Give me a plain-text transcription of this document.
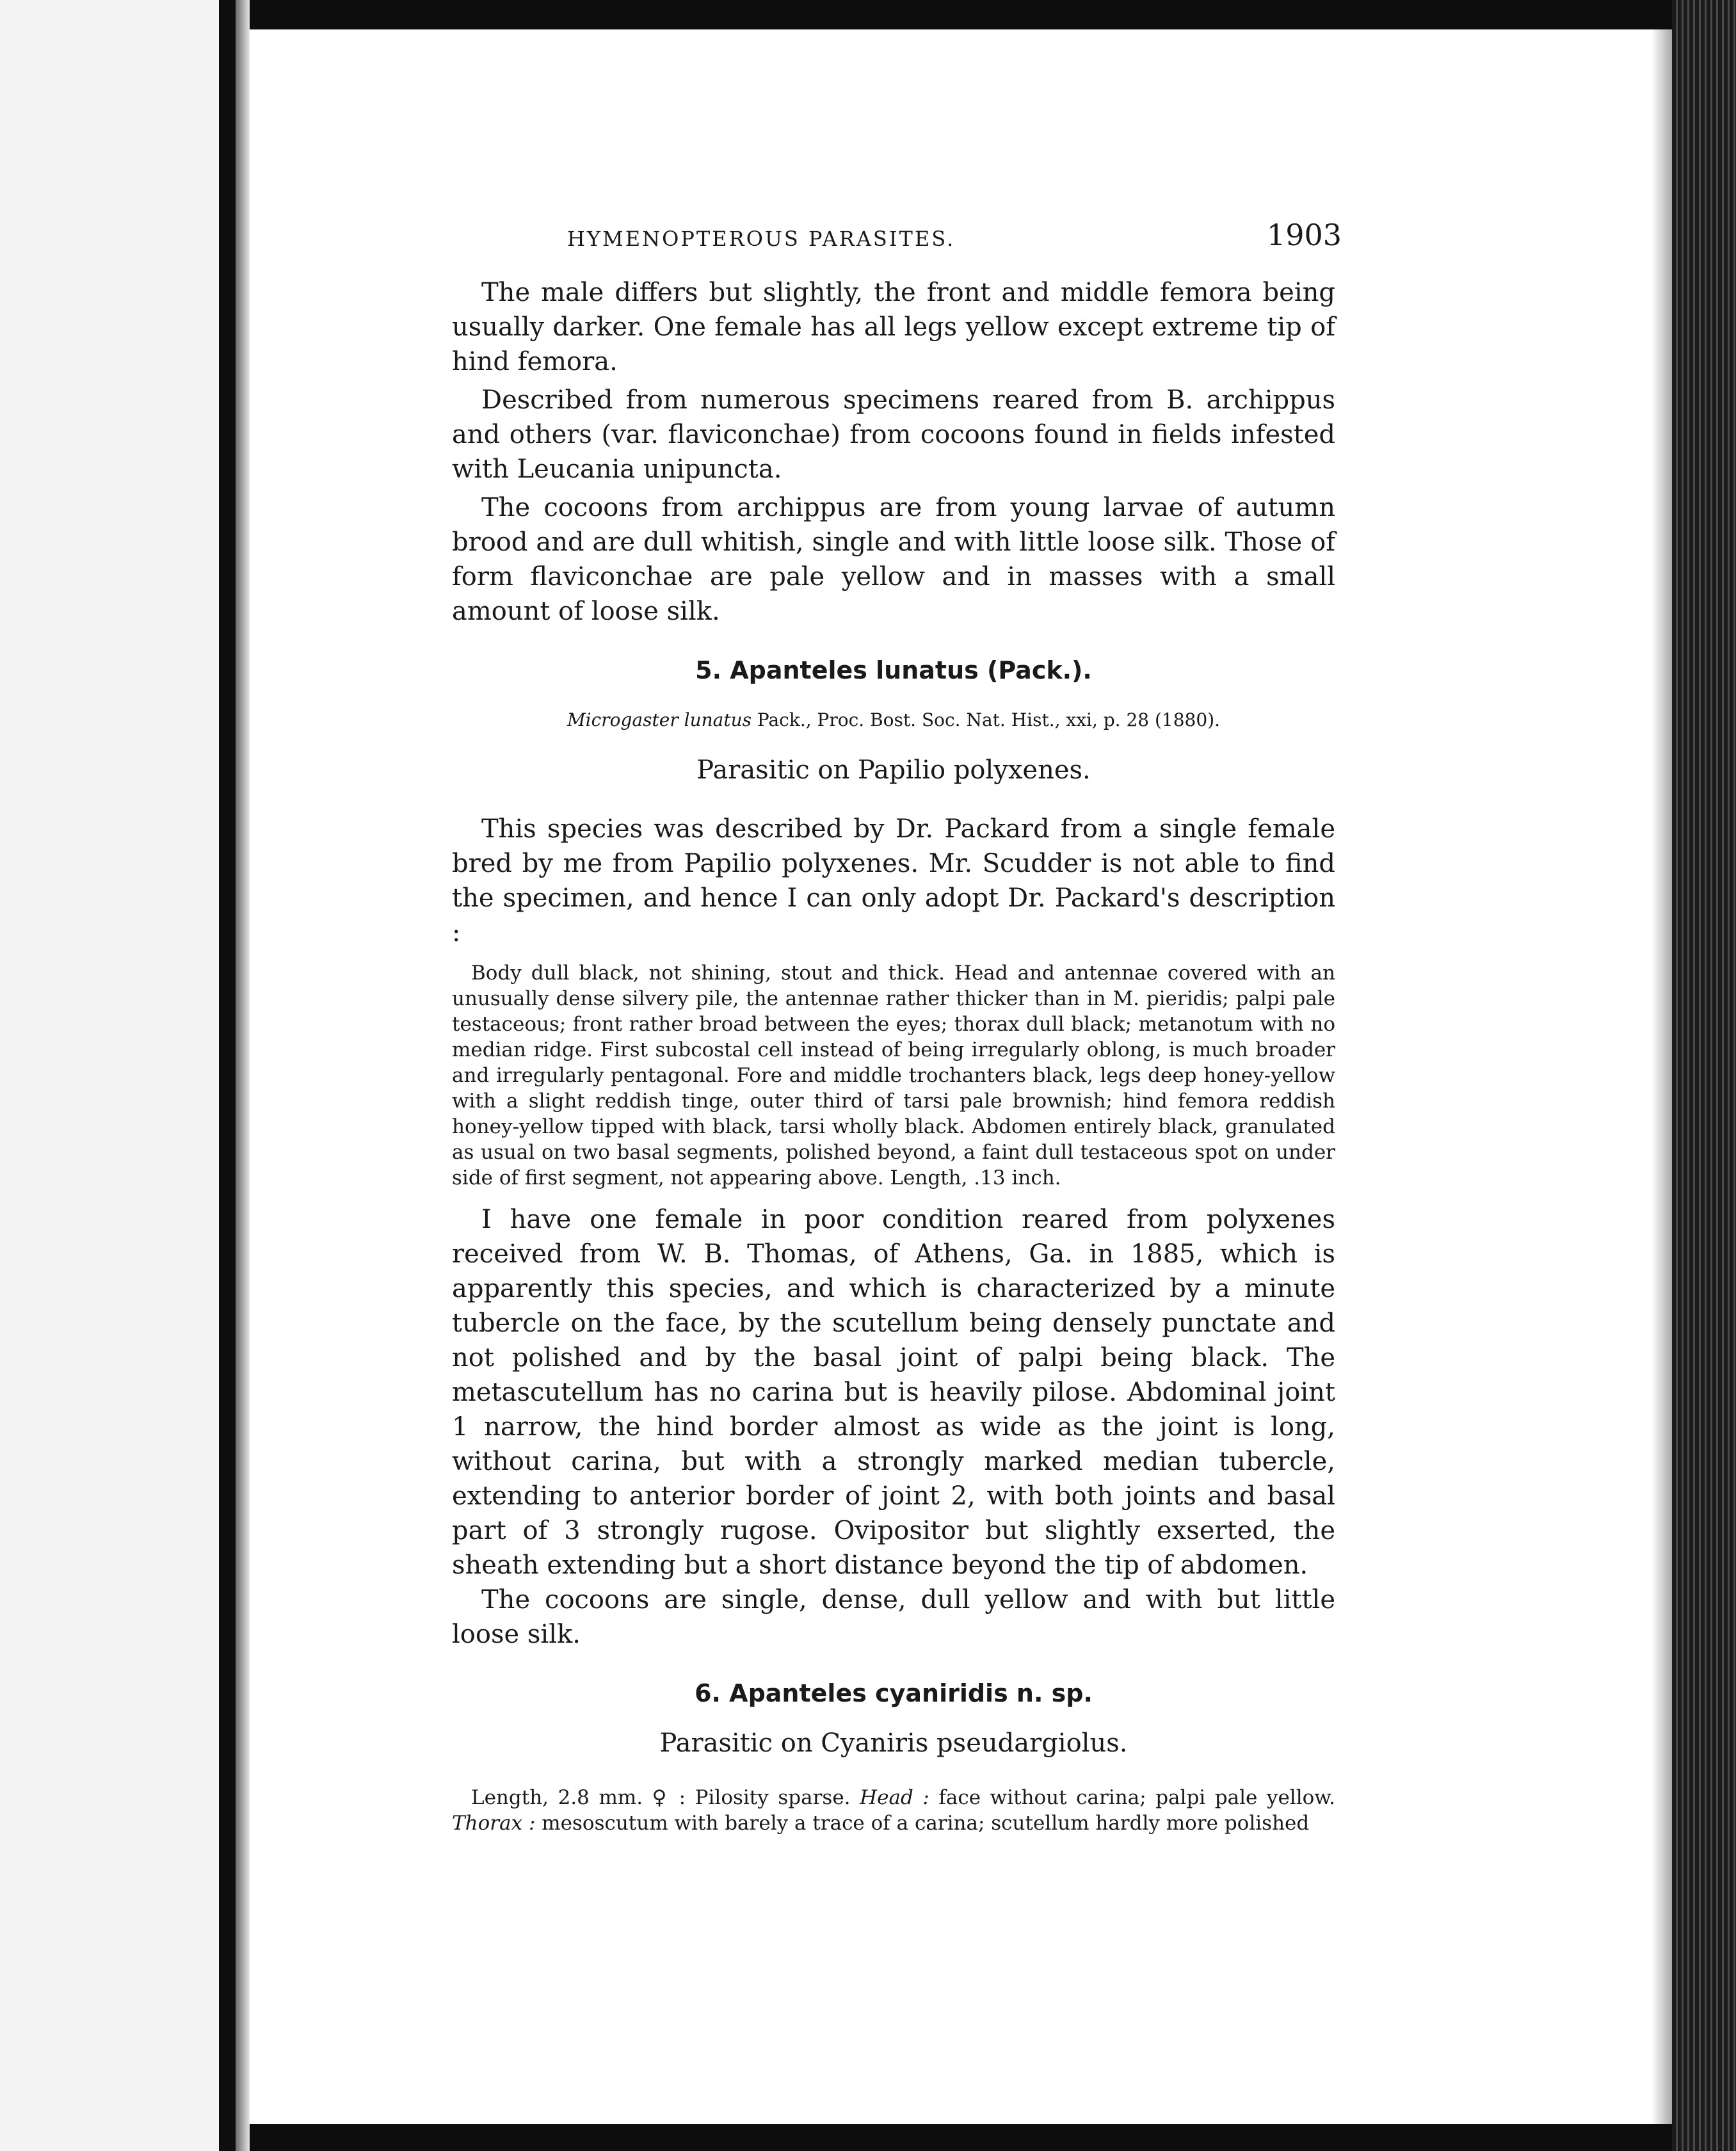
HYMENOPTEROUS PARASITES.	1903

The male differs but slightly, the front and middle femora being usually darker. One female has all legs yellow except extreme tip of hind femora.

Described from numerous specimens reared from B. archippus and others (var. flaviconchae) from cocoons found in fields infested with Leucania unipuncta.

The cocoons from archippus are from young larvae of autumn brood and are dull whitish, single and with little loose silk. Those of form flaviconchae are pale yellow and in masses with a small amount of loose silk.

5. Apanteles lunatus (Pack.).
Microgaster lunatus Pack., Proc. Bost. Soc. Nat. Hist., xxi, p. 28 (1880).
Parasitic on Papilio polyxenes.

This species was described by Dr. Packard from a single female bred by me from Papilio polyxenes. Mr. Scudder is not able to find the specimen, and hence I can only adopt Dr. Packard's description :

Body dull black, not shining, stout and thick. Head and antennae covered with an unusually dense silvery pile, the antennae rather thicker than in M. pieridis; palpi pale testaceous; front rather broad between the eyes; thorax dull black; metanotum with no median ridge. First subcostal cell instead of being irregularly oblong, is much broader and irregularly pentagonal. Fore and middle trochanters black, legs deep honey-yellow with a slight reddish tinge, outer third of tarsi pale brownish; hind femora reddish honey-yellow tipped with black, tarsi wholly black. Abdomen entirely black, granulated as usual on two basal segments, polished beyond, a faint dull testaceous spot on under side of first segment, not appearing above. Length, .13 inch.

I have one female in poor condition reared from polyxenes received from W. B. Thomas, of Athens, Ga. in 1885, which is apparently this species, and which is characterized by a minute tubercle on the face, by the scutellum being densely punctate and not polished and by the basal joint of palpi being black. The metascutellum has no carina but is heavily pilose. Abdominal joint 1 narrow, the hind border almost as wide as the joint is long, without carina, but with a strongly marked median tubercle, extending to anterior border of joint 2, with both joints and basal part of 3 strongly rugose. Ovipositor but slightly exserted, the sheath extending but a short distance beyond the tip of abdomen.

The cocoons are single, dense, dull yellow and with but little loose silk.

6. Apanteles cyaniridis n. sp.
Parasitic on Cyaniris pseudargiolus.

Length, 2.8 mm. ♀ : Pilosity sparse. Head : face without carina; palpi pale yellow. Thorax : mesoscutum with barely a trace of a carina; scutellum hardly more polished
